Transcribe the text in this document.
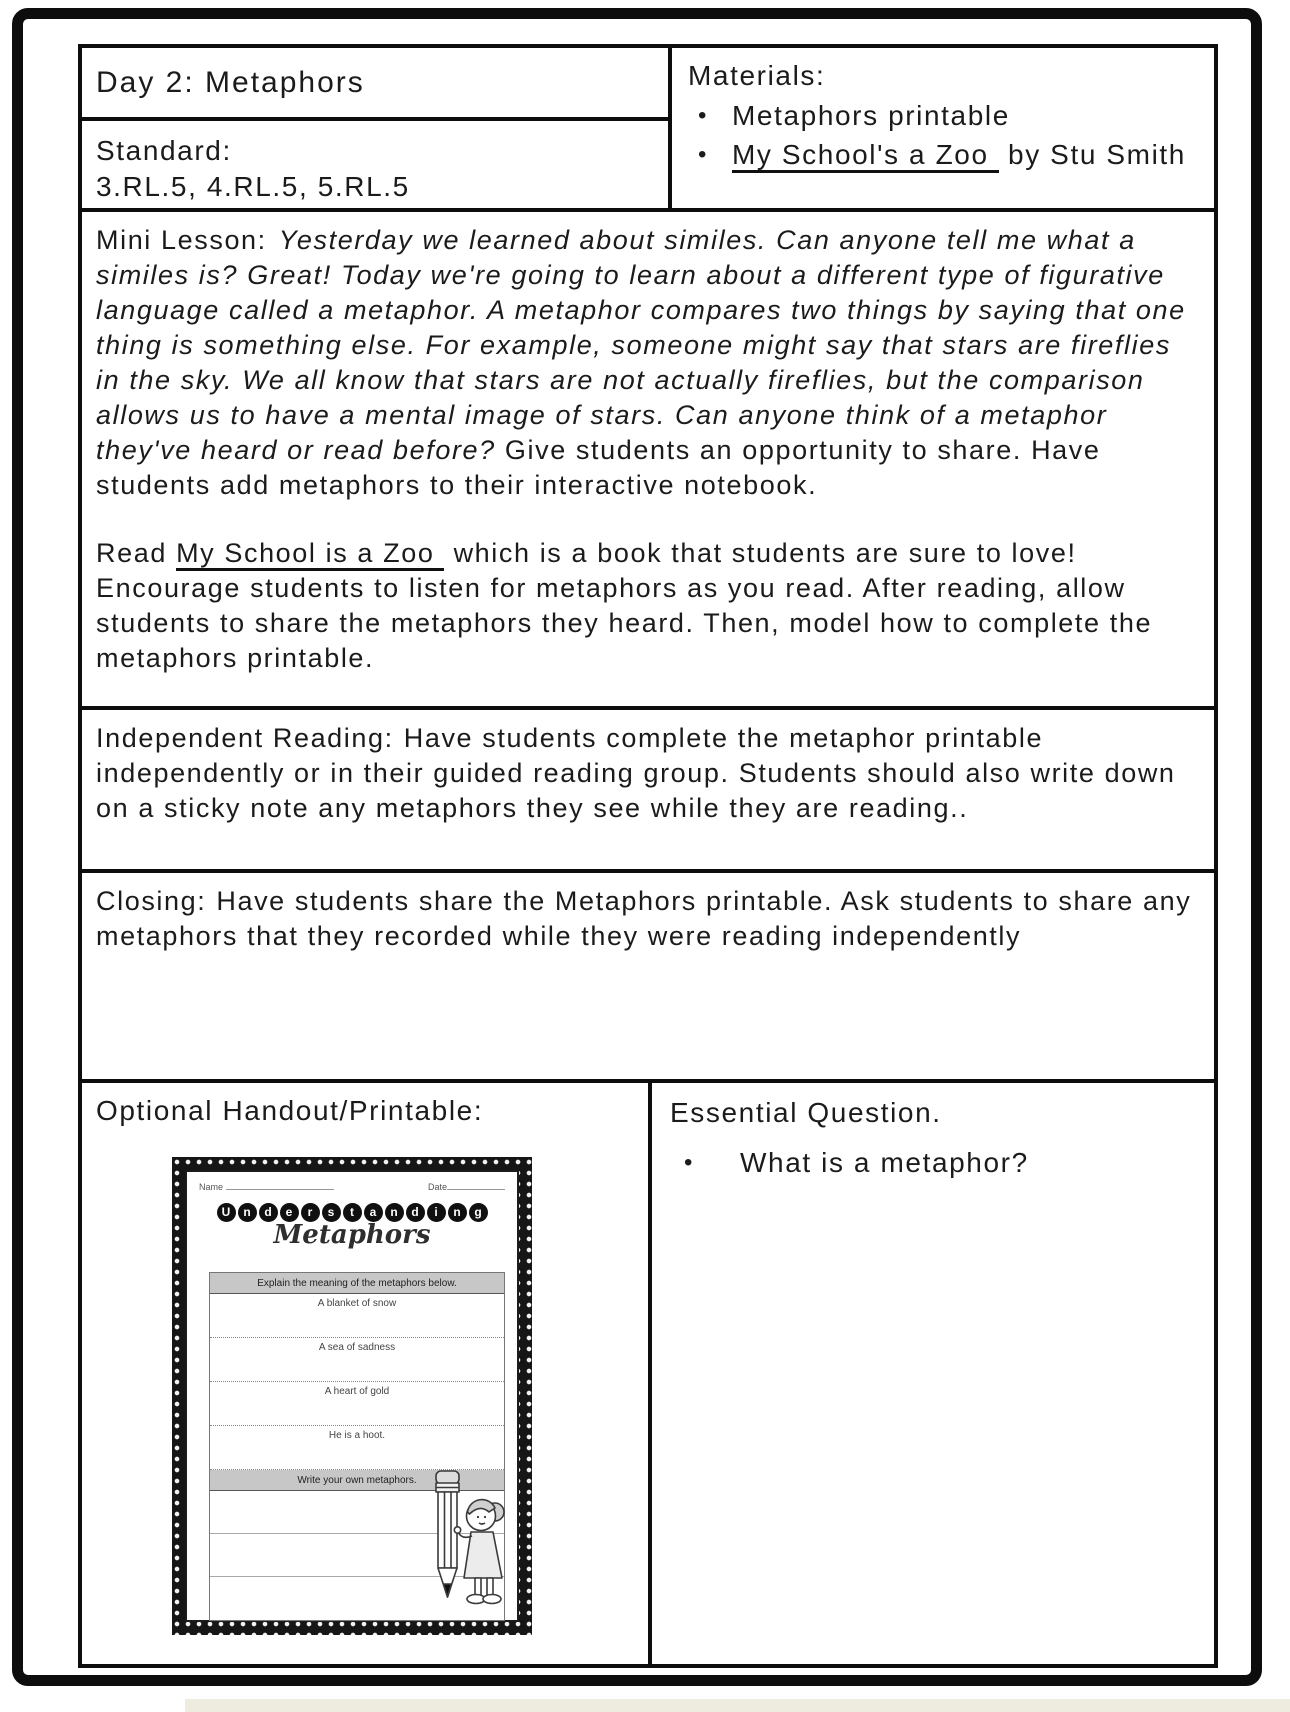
Day 2: Metaphors
Standard:
3.RL.5, 4.RL.5, 5.RL.5
Materials:
• Metaphors printable
• My School's a Zoo by Stu Smith

Mini Lesson: Yesterday we learned about similes. Can anyone tell me what a similes is? Great! Today we're going to learn about a different type of figurative language called a metaphor. A metaphor compares two things by saying that one thing is something else. For example, someone might say that stars are fireflies in the sky. We all know that stars are not actually fireflies, but the comparison allows us to have a mental image of stars. Can anyone think of a metaphor they've heard or read before? Give students an opportunity to share. Have students add metaphors to their interactive notebook.

Read My School is a Zoo which is a book that students are sure to love! Encourage students to listen for metaphors as you read. After reading, allow students to share the metaphors they heard. Then, model how to complete the metaphors printable.

Independent Reading: Have students complete the metaphor printable independently or in their guided reading group. Students should also write down on a sticky note any metaphors they see while they are reading..

Closing: Have students share the Metaphors printable. Ask students to share any metaphors that they recorded while they were reading independently

Optional Handout/Printable:
Name	Date
U n d e r s t a n d i n g
Metaphors
Explain the meaning of the metaphors below.
A blanket of snow
A sea of sadness
A heart of gold
He is a hoot.
Write your own metaphors.
Essential Question.
•	What is a metaphor?
